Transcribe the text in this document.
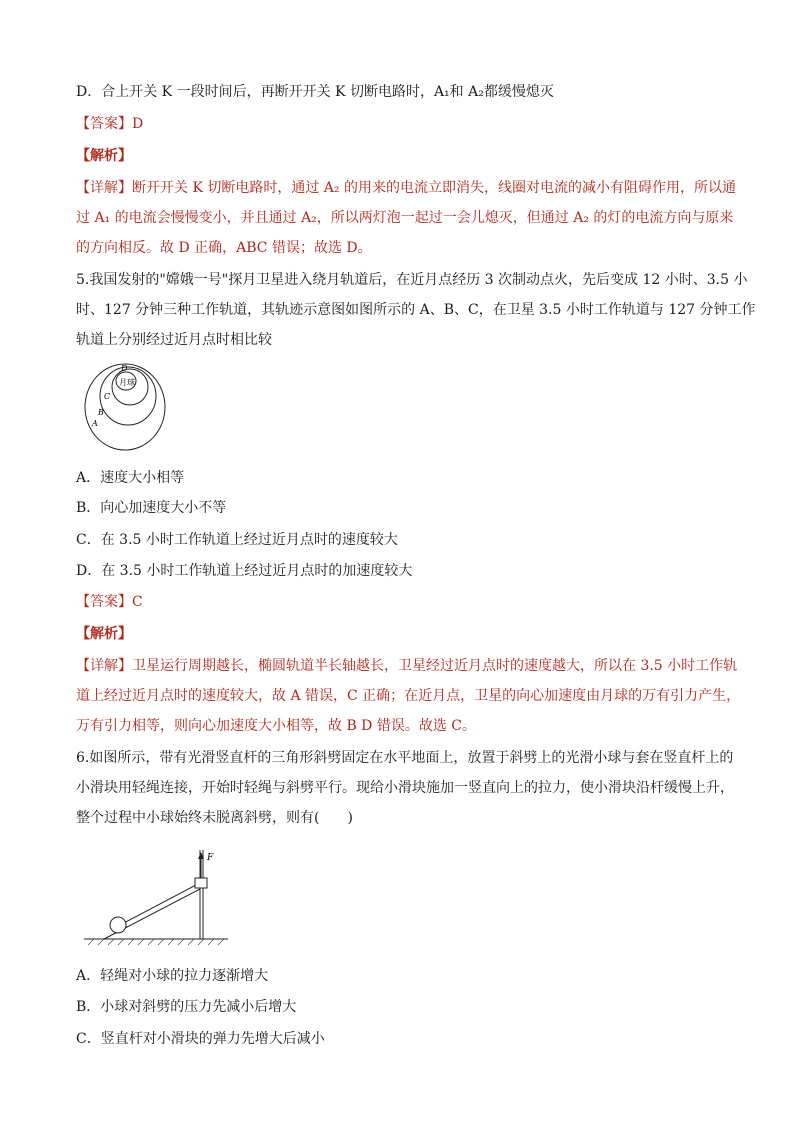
D．合上开关 K 一段时间后，再断开开关 K 切断电路时，A₁和 A₂都缓慢熄灭
【答案】D
【解析】
【详解】断开开关 K 切断电路时，通过 A₂ 的用来的电流立即消失，线圈对电流的减小有阻碍作用，所以通
过 A₁ 的电流会慢慢变小，并且通过 A₂，所以两灯泡一起过一会儿熄灭，但通过 A₂ 的灯的电流方向与原来
的方向相反。故 D 正确，ABC 错误；故选 D。
5.我国发射的"嫦娥一号"探月卫星进入绕月轨道后，在近月点经历 3 次制动点火，先后变成 12 小时、3.5 小
时、127 分钟三种工作轨道，其轨迹示意图如图所示的 A、B、C，在卫星 3.5 小时工作轨道与 127 分钟工作
轨道上分别经过近月点时相比较
月球
D
C
B
A
A．速度大小相等
B．向心加速度大小不等
C．在 3.5 小时工作轨道上经过近月点时的速度较大
D．在 3.5 小时工作轨道上经过近月点时的加速度较大
【答案】C
【解析】
【详解】卫星运行周期越长，椭圆轨道半长轴越长，卫星经过近月点时的速度越大，所以在 3.5 小时工作轨
道上经过近月点时的速度较大，故 A 错误，C 正确；在近月点，卫星的向心加速度由月球的万有引力产生，
万有引力相等，则向心加速度大小相等，故 B D 错误。故选 C。
6.如图所示，带有光滑竖直杆的三角形斜劈固定在水平地面上，放置于斜劈上的光滑小球与套在竖直杆上的
小滑块用轻绳连接，开始时轻绳与斜劈平行。现给小滑块施加一竖直向上的拉力，使小滑块沿杆缓慢上升，
整个过程中小球始终未脱离斜劈，则有(　　)
F
A．轻绳对小球的拉力逐渐增大
B．小球对斜劈的压力先减小后增大
C．竖直杆对小滑块的弹力先增大后减小
